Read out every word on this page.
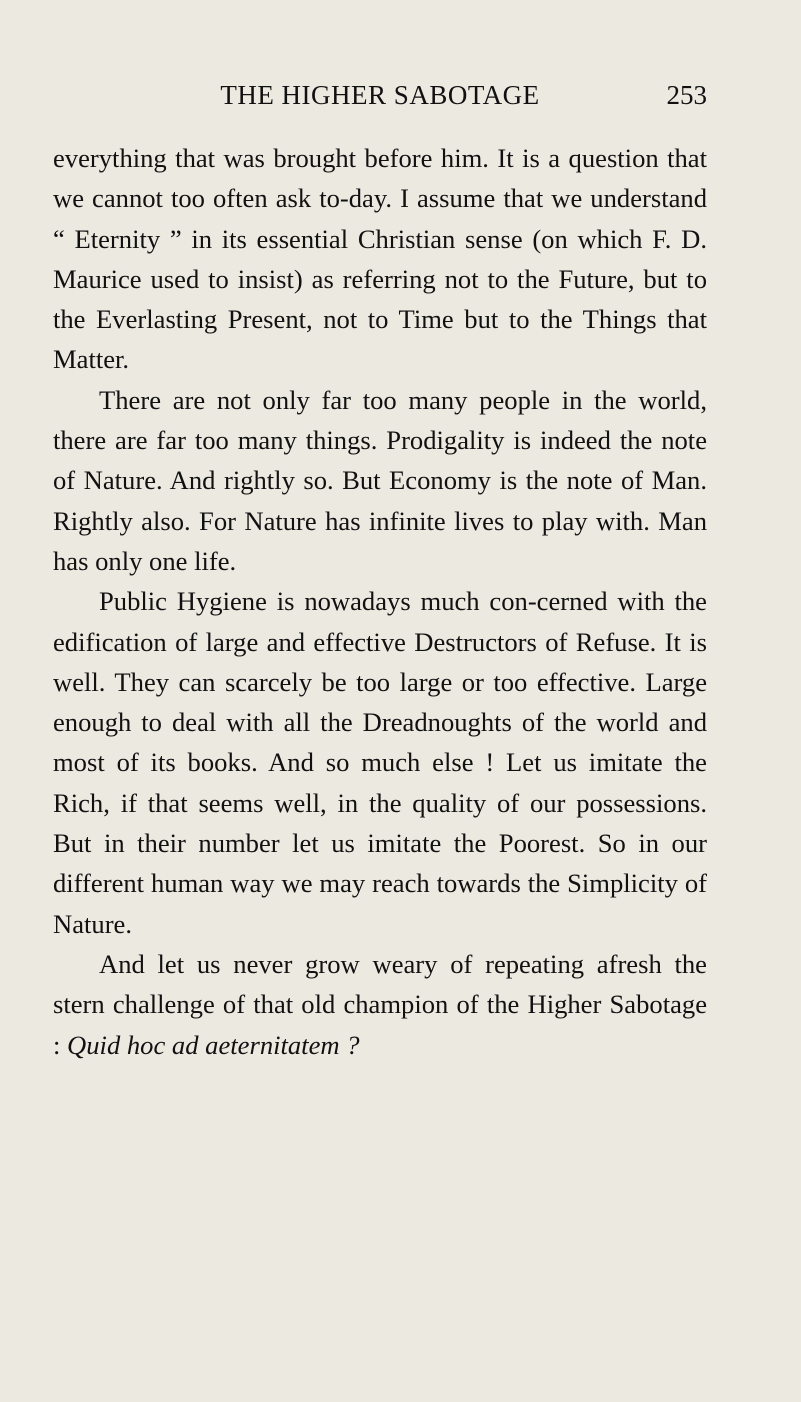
THE HIGHER SABOTAGE	253

everything that was brought before him. It is a question that we cannot too often ask to-day. I assume that we understand “ Eternity ” in its essential Christian sense (on which F. D. Maurice used to insist) as referring not to the Future, but to the Everlasting Present, not to Time but to the Things that Matter.

There are not only far too many people in the world, there are far too many things. Prodigality is indeed the note of Nature. And rightly so. But Economy is the note of Man. Rightly also. For Nature has infinite lives to play with. Man has only one life.

Public Hygiene is nowadays much con-cerned with the edification of large and effective Destructors of Refuse. It is well. They can scarcely be too large or too effective. Large enough to deal with all the Dreadnoughts of the world and most of its books. And so much else ! Let us imitate the Rich, if that seems well, in the quality of our possessions. But in their number let us imitate the Poorest. So in our different human way we may reach towards the Simplicity of Nature.

And let us never grow weary of repeating afresh the stern challenge of that old champion of the Higher Sabotage : Quid hoc ad aeternitatem ?
